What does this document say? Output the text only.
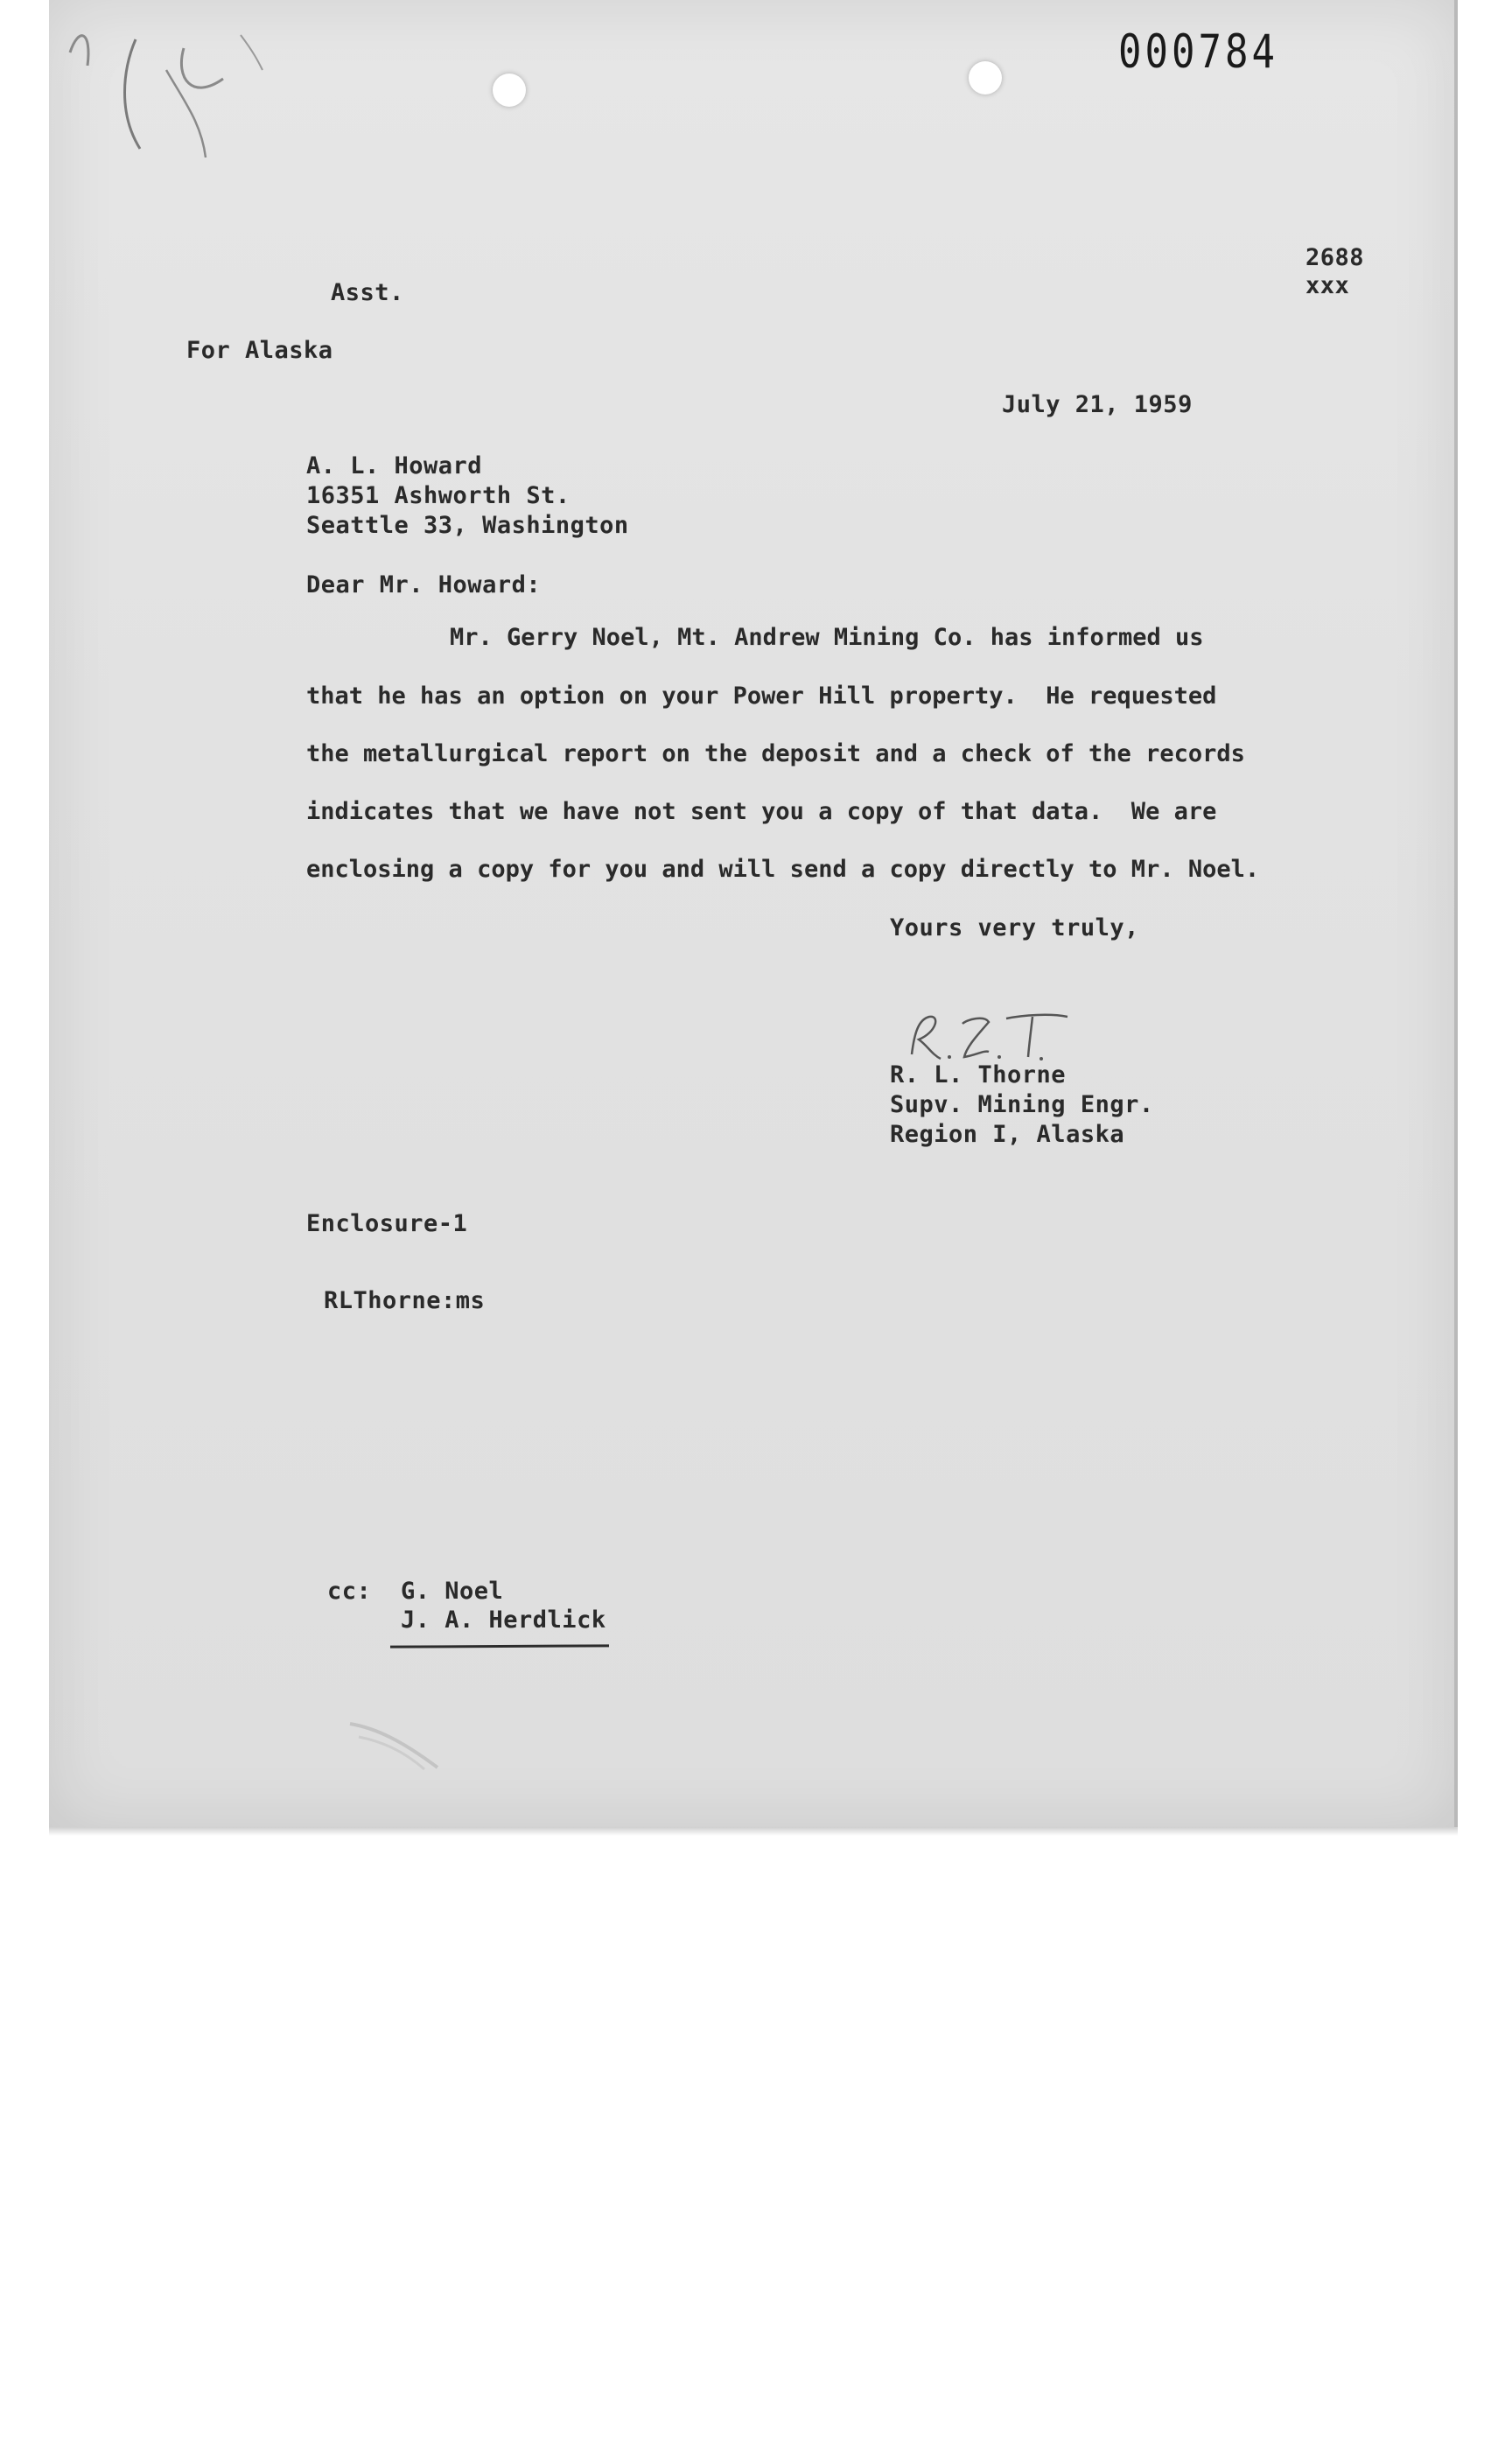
000784
2688
xxx
Asst.
For Alaska
July 21, 1959
A. L. Howard
16351 Ashworth St.
Seattle 33, Washington
Dear Mr. Howard:
Mr. Gerry Noel, Mt. Andrew Mining Co. has informed us
that he has an option on your Power Hill property.  He requested
the metallurgical report on the deposit and a check of the records
indicates that we have not sent you a copy of that data.  We are
enclosing a copy for you and will send a copy directly to Mr. Noel.
Yours very truly,
R. L. Thorne
Supv. Mining Engr.
Region I, Alaska
Enclosure-1
RLThorne:ms
cc: G. Noel
J. A. Herdlick
